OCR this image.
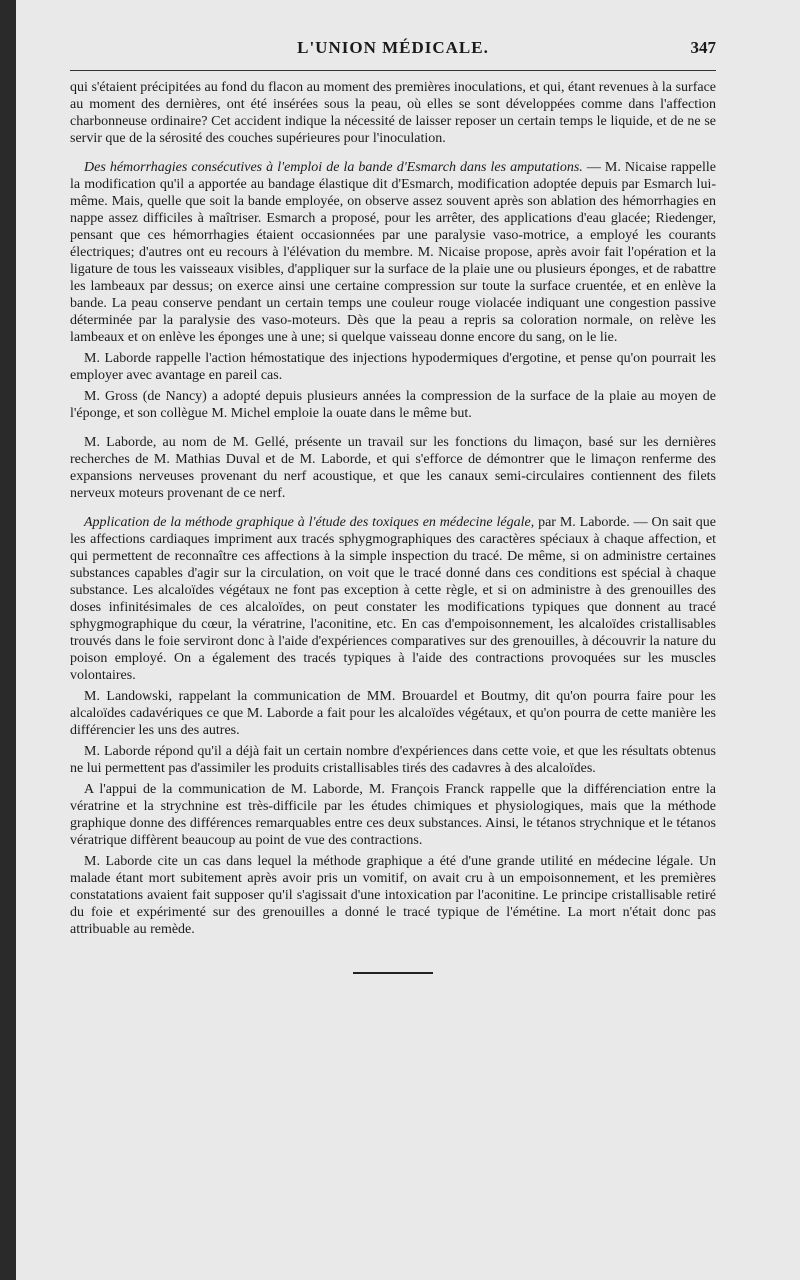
L'UNION MÉDICALE.	347

qui s'étaient précipitées au fond du flacon au moment des premières inoculations, et qui, étant revenues à la surface au moment des dernières, ont été insérées sous la peau, où elles se sont développées comme dans l'affection charbonneuse ordinaire? Cet accident indique la nécessité de laisser reposer un certain temps le liquide, et de ne se servir que de la sérosité des couches supérieures pour l'inoculation.

Des hémorrhagies consécutives à l'emploi de la bande d'Esmarch dans les amputations. — M. Nicaise rappelle la modification qu'il a apportée au bandage élastique dit d'Esmarch, modification adoptée depuis par Esmarch lui-même. Mais, quelle que soit la bande employée, on observe assez souvent après son ablation des hémorrhagies en nappe assez difficiles à maîtriser. Esmarch a proposé, pour les arrêter, des applications d'eau glacée; Riedenger, pensant que ces hémorrhagies étaient occasionnées par une paralysie vaso-motrice, a employé les courants électriques; d'autres ont eu recours à l'élévation du membre. M. Nicaise propose, après avoir fait l'opération et la ligature de tous les vaisseaux visibles, d'appliquer sur la surface de la plaie une ou plusieurs éponges, et de rabattre les lambeaux par dessus; on exerce ainsi une certaine compression sur toute la surface cruentée, et en enlève la bande. La peau conserve pendant un certain temps une couleur rouge violacée indiquant une congestion passive déterminée par la paralysie des vaso-moteurs. Dès que la peau a repris sa coloration normale, on relève les lambeaux et on enlève les éponges une à une; si quelque vaisseau donne encore du sang, on le lie.

M. Laborde rappelle l'action hémostatique des injections hypodermiques d'ergotine, et pense qu'on pourrait les employer avec avantage en pareil cas.

M. Gross (de Nancy) a adopté depuis plusieurs années la compression de la surface de la plaie au moyen de l'éponge, et son collègue M. Michel emploie la ouate dans le même but.

M. Laborde, au nom de M. Gellé, présente un travail sur les fonctions du limaçon, basé sur les dernières recherches de M. Mathias Duval et de M. Laborde, et qui s'efforce de démontrer que le limaçon renferme des expansions nerveuses provenant du nerf acoustique, et que les canaux semi-circulaires contiennent des filets nerveux moteurs provenant de ce nerf.

Application de la méthode graphique à l'étude des toxiques en médecine légale, par M. Laborde. — On sait que les affections cardiaques impriment aux tracés sphygmographiques des caractères spéciaux à chaque affection, et qui permettent de reconnaître ces affections à la simple inspection du tracé. De même, si on administre certaines substances capables d'agir sur la circulation, on voit que le tracé donné dans ces conditions est spécial à chaque substance. Les alcaloïdes végétaux ne font pas exception à cette règle, et si on administre à des grenouilles des doses infinitésimales de ces alcaloïdes, on peut constater les modifications typiques que donnent au tracé sphygmographique du cœur, la vératrine, l'aconitine, etc. En cas d'empoisonnement, les alcaloïdes cristallisables trouvés dans le foie serviront donc à l'aide d'expériences comparatives sur des grenouilles, à découvrir la nature du poison employé. On a également des tracés typiques à l'aide des contractions provoquées sur les muscles volontaires.

M. Landowski, rappelant la communication de MM. Brouardel et Boutmy, dit qu'on pourra faire pour les alcaloïdes cadavériques ce que M. Laborde a fait pour les alcaloïdes végétaux, et qu'on pourra de cette manière les différencier les uns des autres.

M. Laborde répond qu'il a déjà fait un certain nombre d'expériences dans cette voie, et que les résultats obtenus ne lui permettent pas d'assimiler les produits cristallisables tirés des cadavres à des alcaloïdes.

A l'appui de la communication de M. Laborde, M. François Franck rappelle que la différenciation entre la vératrine et la strychnine est très-difficile par les études chimiques et physiologiques, mais que la méthode graphique donne des différences remarquables entre ces deux substances. Ainsi, le tétanos strychnique et le tétanos vératrique diffèrent beaucoup au point de vue des contractions.

M. Laborde cite un cas dans lequel la méthode graphique a été d'une grande utilité en médecine légale. Un malade étant mort subitement après avoir pris un vomitif, on avait cru à un empoisonnement, et les premières constatations avaient fait supposer qu'il s'agissait d'une intoxication par l'aconitine. Le principe cristallisable retiré du foie et expérimenté sur des grenouilles a donné le tracé typique de l'émétine. La mort n'était donc pas attribuable au remède.
